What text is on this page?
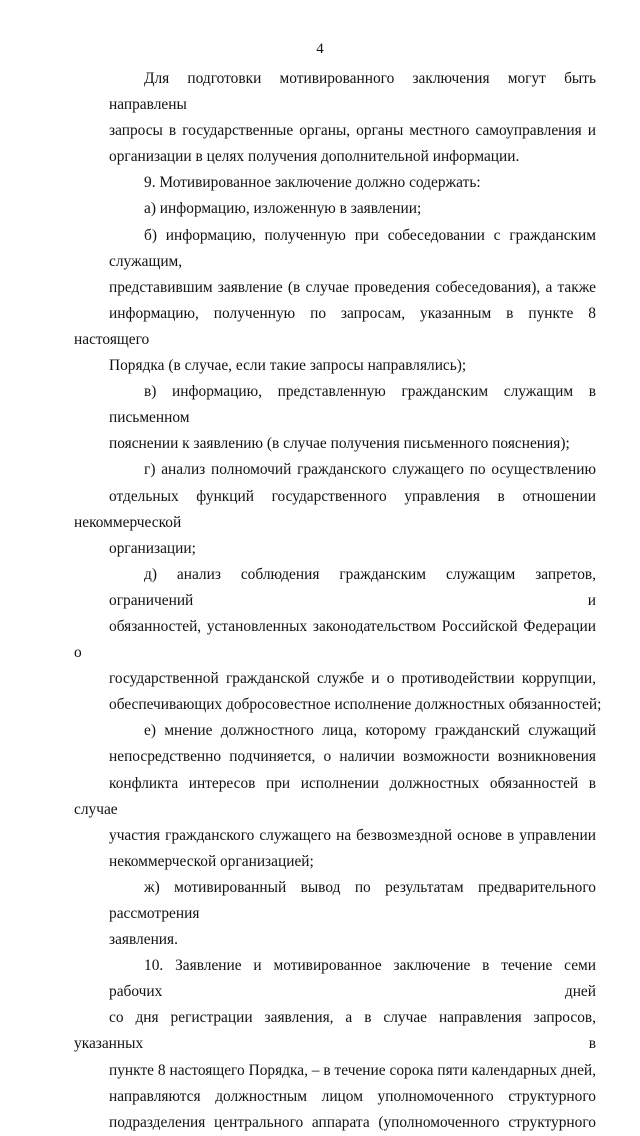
4
Для подготовки мотивированного заключения могут быть направлены
запросы в государственные органы, органы местного самоуправления и
организации в целях получения дополнительной информации.
9. Мотивированное заключение должно содержать:
а) информацию, изложенную в заявлении;
б) информацию, полученную при собеседовании с гражданским служащим,
представившим заявление (в случае проведения собеседования), а также
информацию, полученную по запросам, указанным в пункте 8 настоящего
Порядка (в случае, если такие запросы направлялись);
в) информацию, представленную гражданским служащим в письменном
пояснении к заявлению (в случае получения письменного пояснения);
г) анализ полномочий гражданского служащего по осуществлению
отдельных функций государственного управления в отношении некоммерческой
организации;
д) анализ соблюдения гражданским служащим запретов, ограничений и
обязанностей, установленных законодательством Российской Федерации о
государственной гражданской службе и о противодействии коррупции,
обеспечивающих добросовестное исполнение должностных обязанностей;
е) мнение должностного лица, которому гражданский служащий
непосредственно подчиняется, о наличии возможности возникновения
конфликта интересов при исполнении должностных обязанностей в случае
участия гражданского служащего на безвозмездной основе в управлении
некоммерческой организацией;
ж) мотивированный вывод по результатам предварительного рассмотрения
заявления.
10. Заявление и мотивированное заключение в течение семи рабочих дней
со дня регистрации заявления, а в случае направления запросов, указанных в
пункте 8 настоящего Порядка, – в течение сорока пяти календарных дней,
направляются должностным лицом уполномоченного структурного
подразделения центрального аппарата (уполномоченного структурного
